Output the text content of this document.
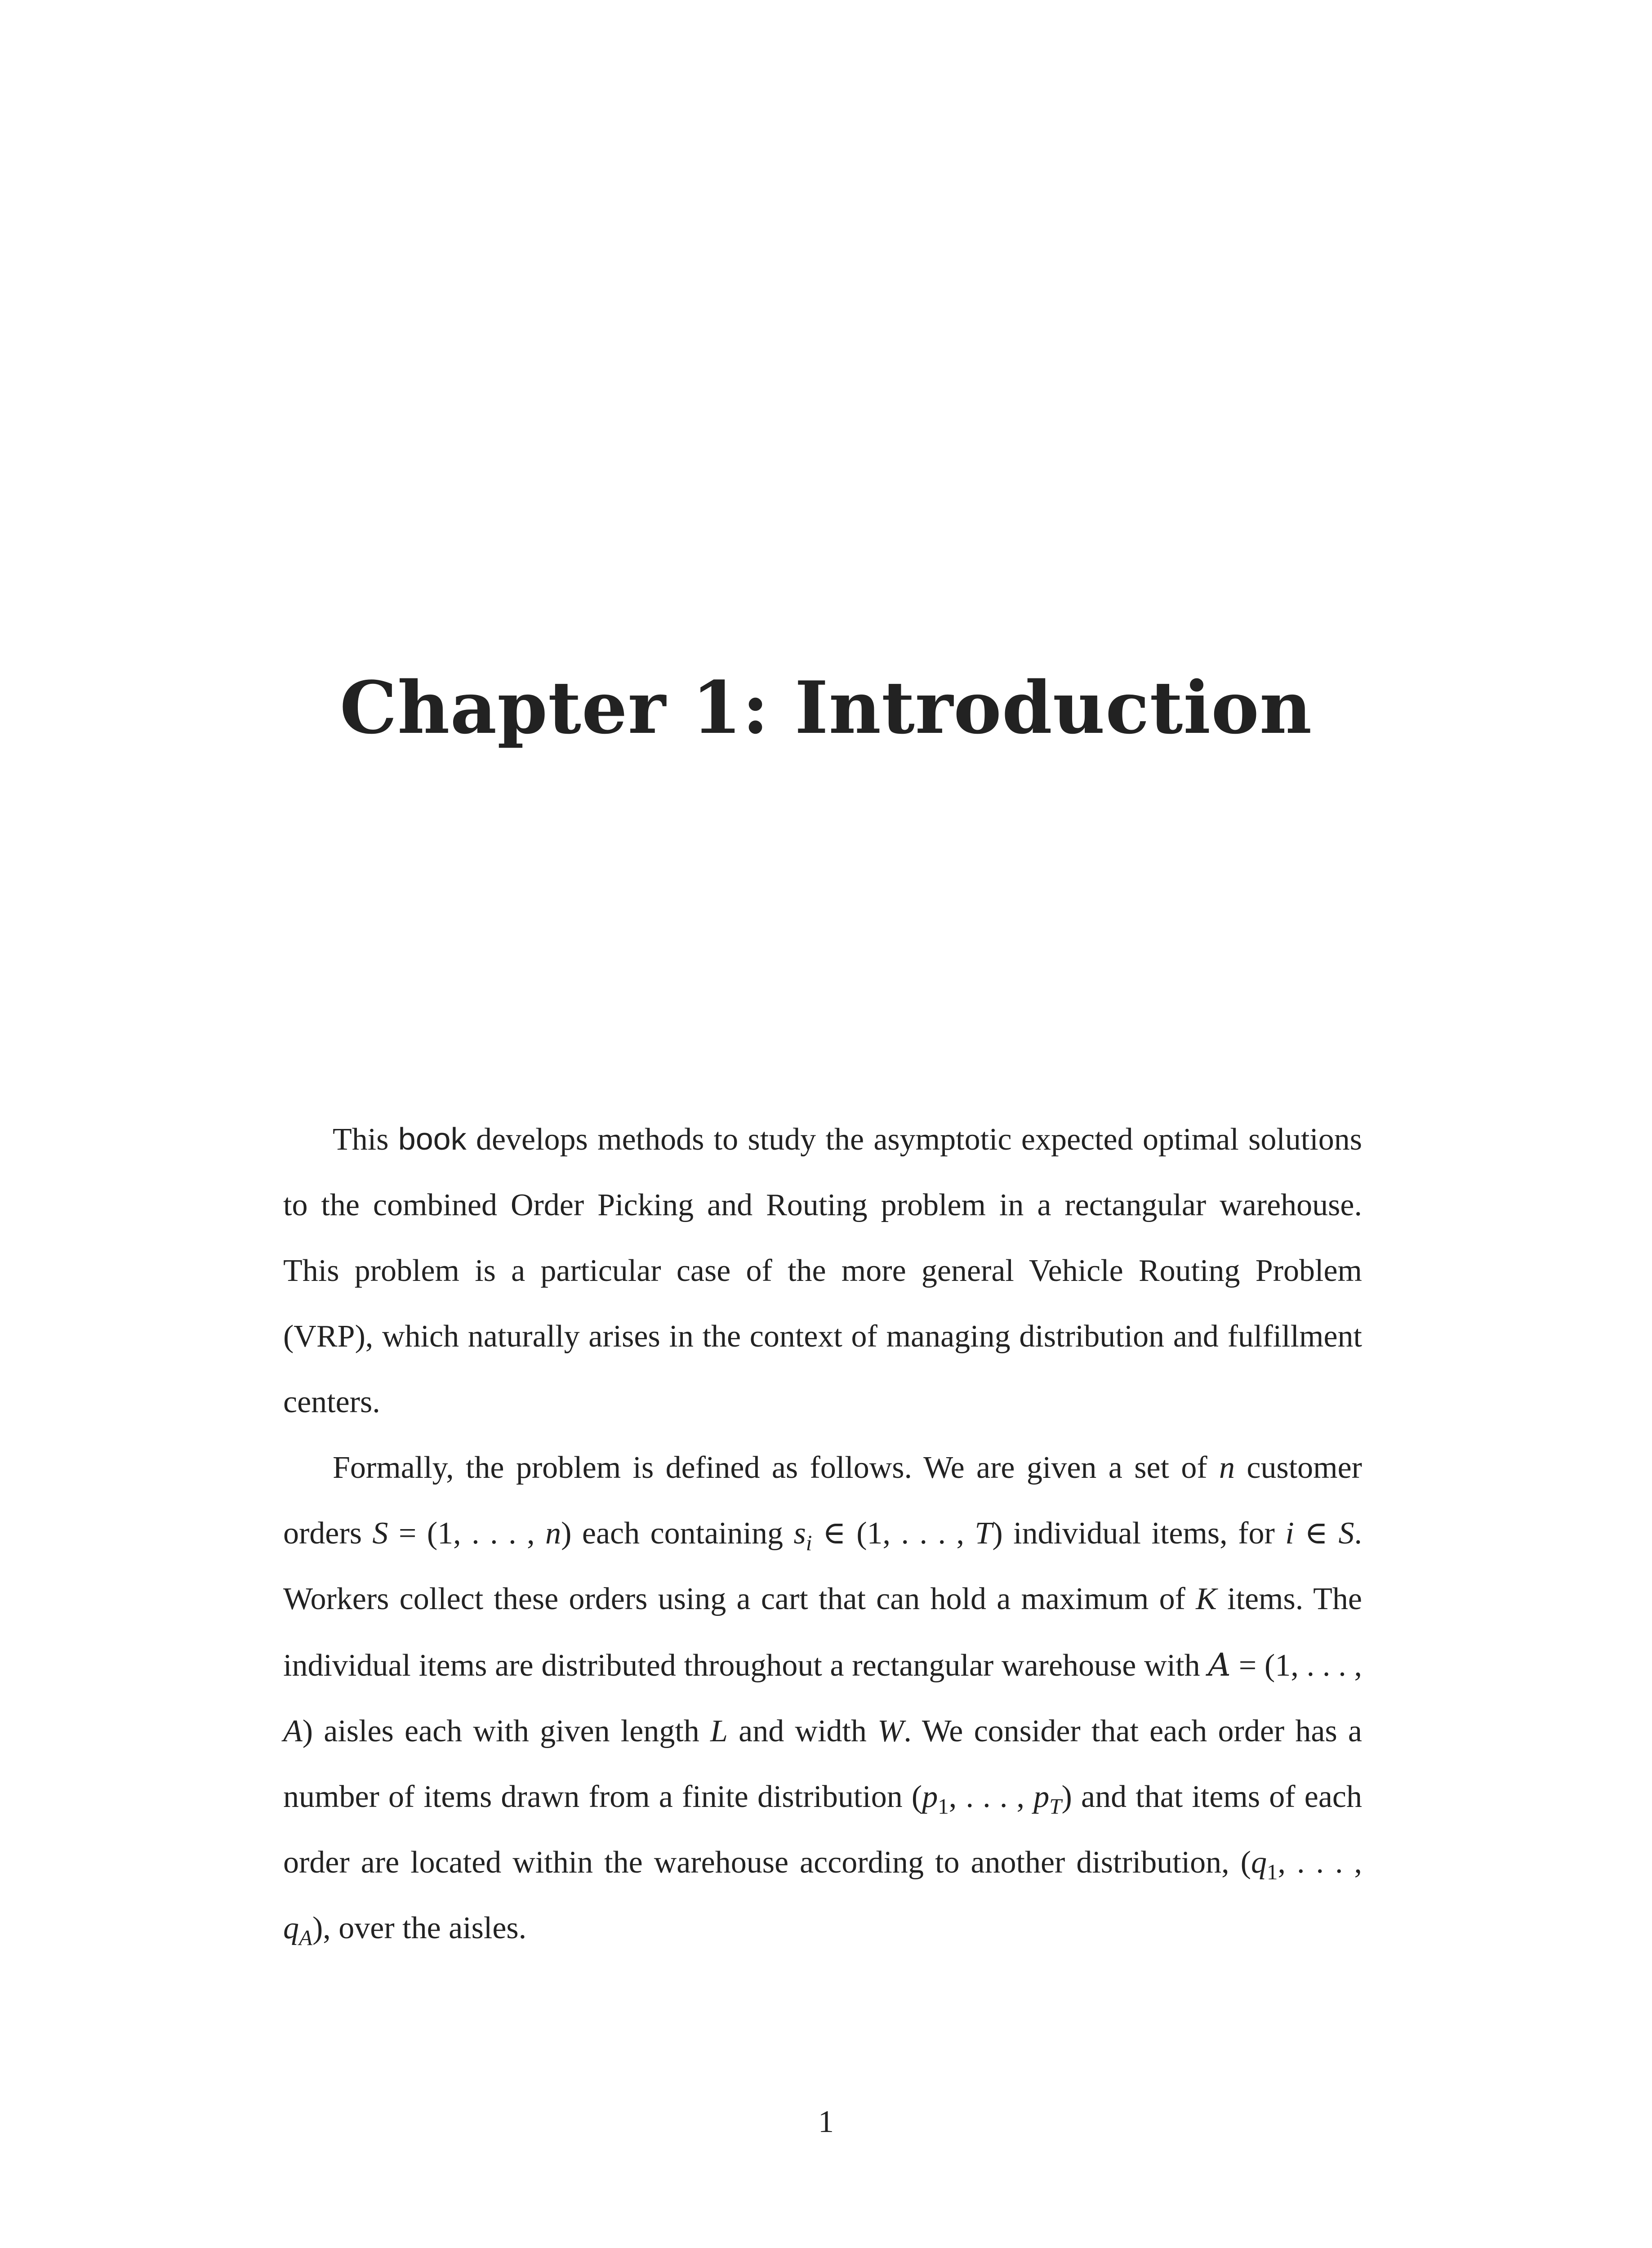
Chapter 1: Introduction

This book develops methods to study the asymptotic expected optimal solutions to the combined Order Picking and Routing problem in a rectangular warehouse. This problem is a particular case of the more general Vehicle Routing Problem (VRP), which naturally arises in the context of managing distribution and fulfillment centers.

Formally, the problem is defined as follows. We are given a set of n customer orders S = (1, . . . , n) each containing $s_i$ ∈ (1, . . . , T) individual items, for i ∈ S. Workers collect these orders using a cart that can hold a maximum of K items. The individual items are distributed throughout a rectangular warehouse with A = (1, . . . , A) aisles each with given length L and width W. We consider that each order has a number of items drawn from a finite distribution ($p_1$, . . . , $p_T$) and that items of each order are located within the warehouse according to another distribution, ($q_1$, . . . , $q_A$), over the aisles.

1
